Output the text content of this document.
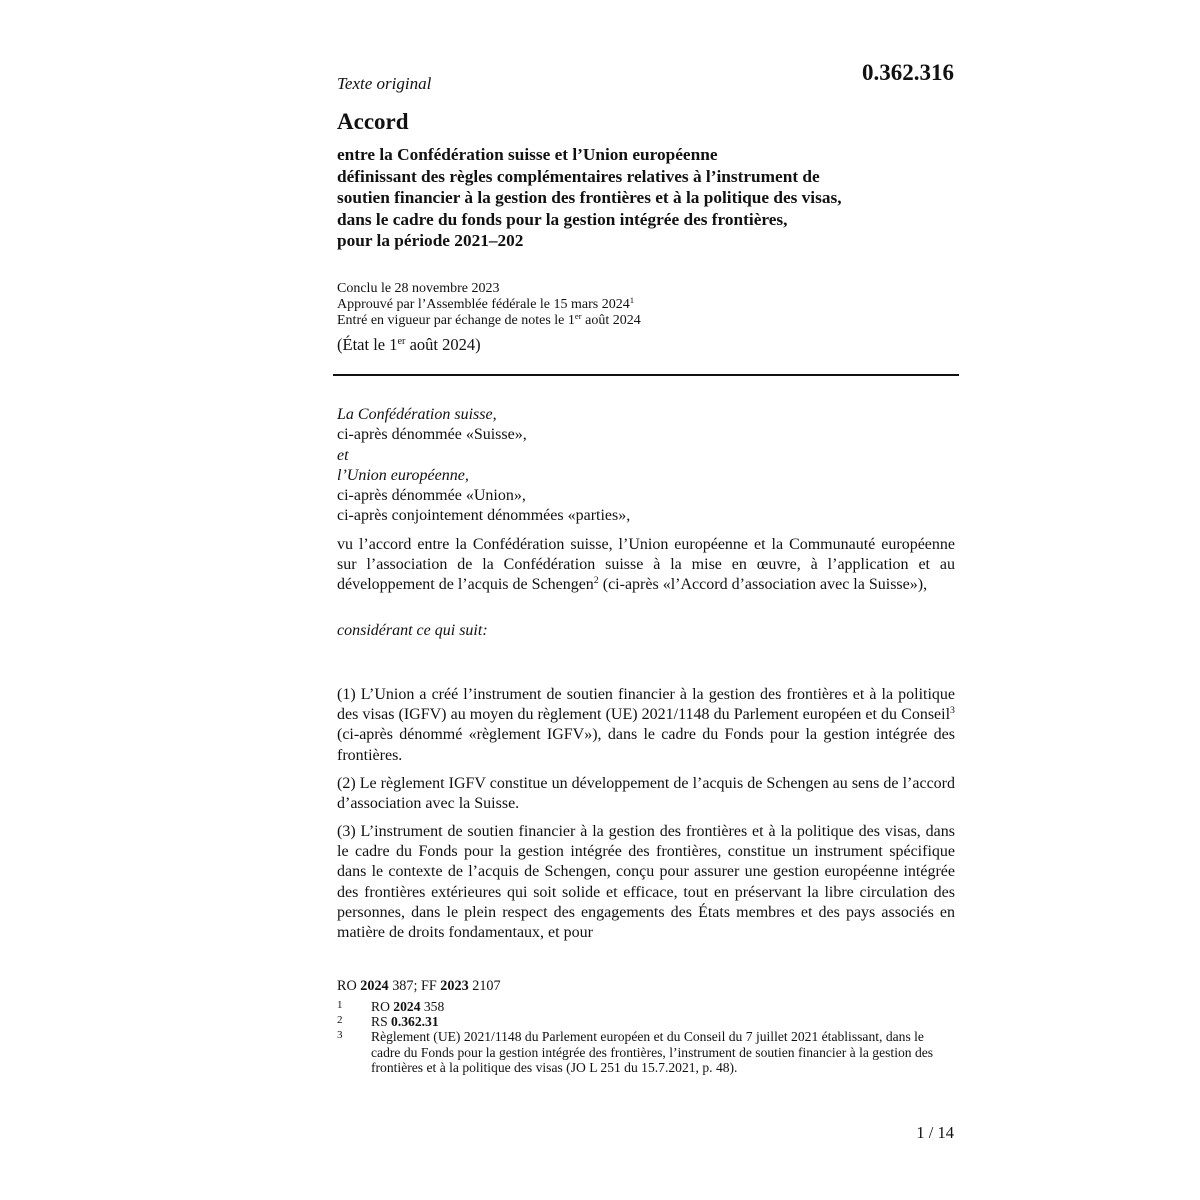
0.362.316
Texte original
Accord
entre la Confédération suisse et l’Union européenne
définissant des règles complémentaires relatives à l’instrument de
soutien financier à la gestion des frontières et à la politique des visas,
dans le cadre du fonds pour la gestion intégrée des frontières,
pour la période 2021–202
Conclu le 28 novembre 2023
Approuvé par l’Assemblée fédérale le 15 mars 2024$^1$
Entré en vigueur par échange de notes le 1er août 2024
(État le 1er août 2024)
La Confédération suisse,
ci-après dénommée «Suisse»,
et
l’Union européenne,
ci-après dénommée «Union»,
ci-après conjointement dénommées «parties»,
vu l’accord entre la Confédération suisse, l’Union européenne et la Communauté européenne sur l’association de la Confédération suisse à la mise en œuvre, à l’application et au développement de l’acquis de Schengen$^2$ (ci-après «l’Accord d’association avec la Suisse»),
considérant ce qui suit:
(1) L’Union a créé l’instrument de soutien financier à la gestion des frontières et à la politique des visas (IGFV) au moyen du règlement (UE) 2021/1148 du Parlement européen et du Conseil$^3$ (ci-après dénommé «règlement IGFV»), dans le cadre du Fonds pour la gestion intégrée des frontières.
(2) Le règlement IGFV constitue un développement de l’acquis de Schengen au sens de l’accord d’association avec la Suisse.
(3) L’instrument de soutien financier à la gestion des frontières et à la politique des visas, dans le cadre du Fonds pour la gestion intégrée des frontières, constitue un instrument spécifique dans le contexte de l’acquis de Schengen, conçu pour assurer une gestion européenne intégrée des frontières extérieures qui soit solide et efficace, tout en préservant la libre circulation des personnes, dans le plein respect des engagements des États membres et des pays associés en matière de droits fondamentaux, et pour
RO 2024 387; FF 2023 2107
1	RO 2024 358
2	RS 0.362.31
3	Règlement (UE) 2021/1148 du Parlement européen et du Conseil du 7 juillet 2021 établissant, dans le cadre du Fonds pour la gestion intégrée des frontières, l’instrument de soutien financier à la gestion des frontières et à la politique des visas (JO L 251 du 15.7.2021, p. 48).
1 / 14
